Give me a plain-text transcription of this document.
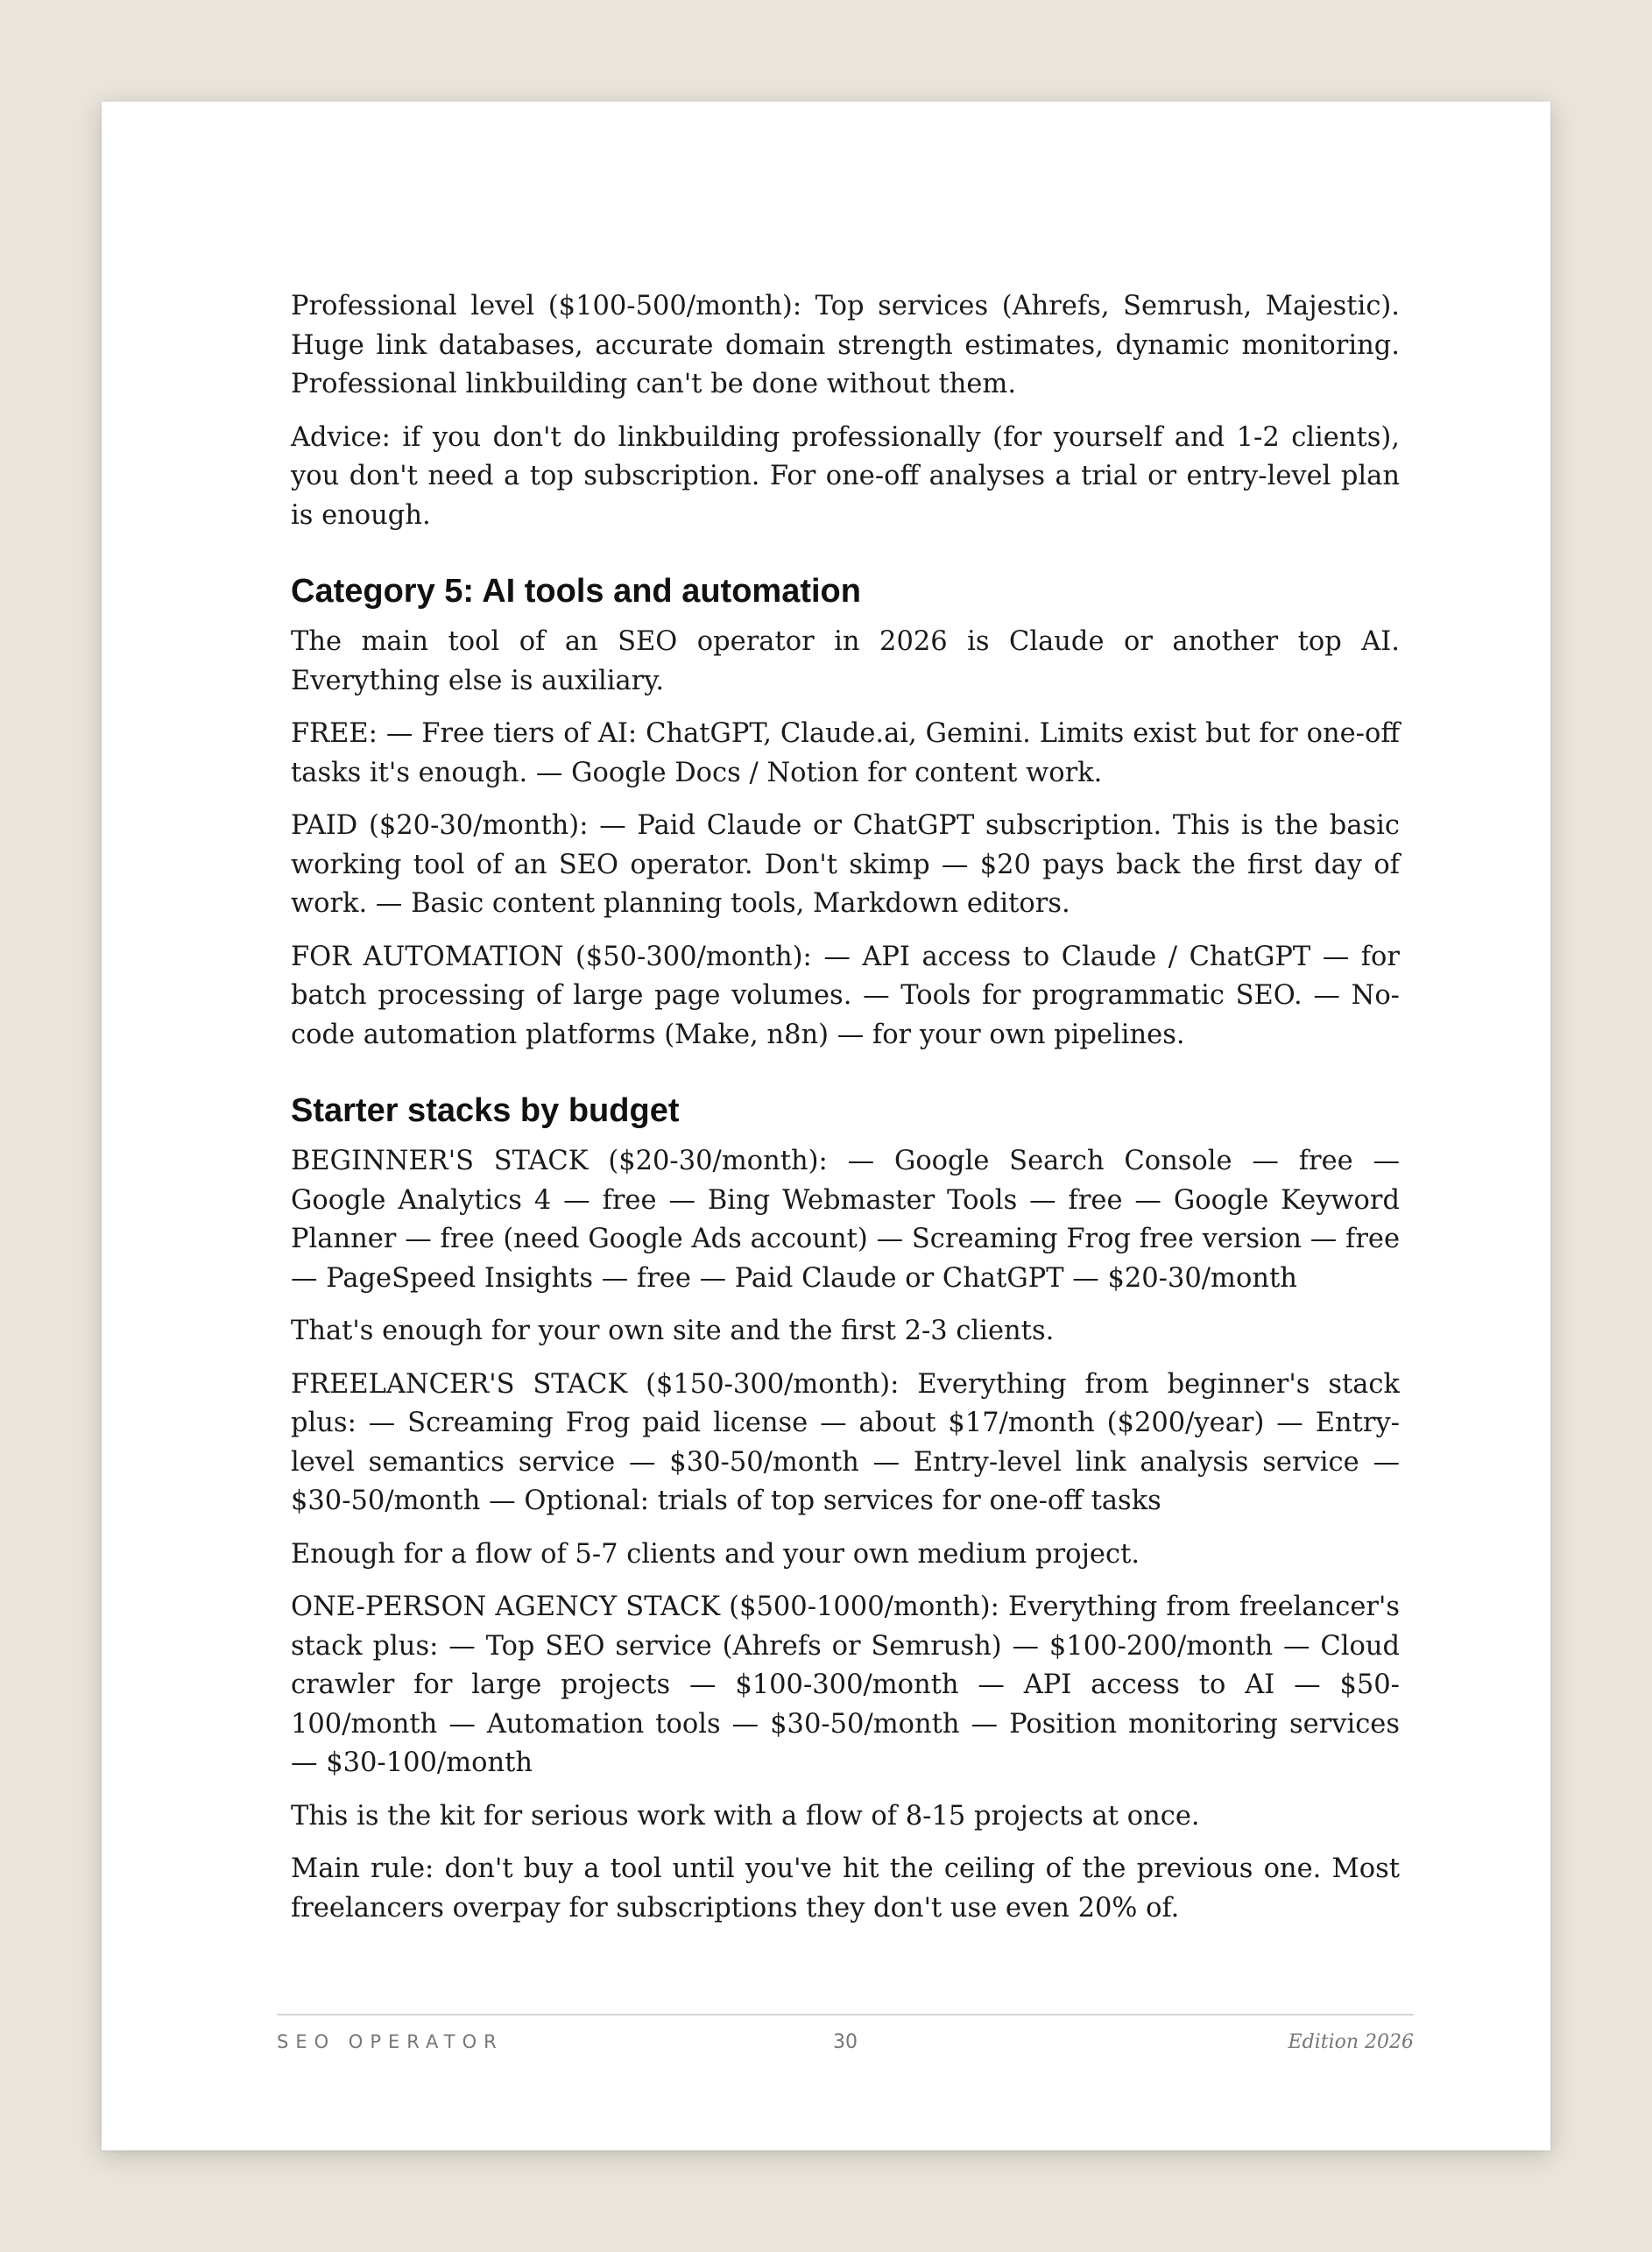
Professional level ($100-500/month): Top services (Ahrefs, Semrush, Majestic). Huge link databases, accurate domain strength estimates, dynamic monitoring. Professional linkbuilding can't be done without them.

Advice: if you don't do linkbuilding professionally (for yourself and 1-2 clients), you don't need a top subscription. For one-off analyses a trial or entry-level plan is enough.

Category 5: AI tools and automation

The main tool of an SEO operator in 2026 is Claude or another top AI. Everything else is auxiliary.

FREE: — Free tiers of AI: ChatGPT, Claude.ai, Gemini. Limits exist but for one-off tasks it's enough. — Google Docs / Notion for content work.

PAID ($20-30/month): — Paid Claude or ChatGPT subscription. This is the basic working tool of an SEO operator. Don't skimp — $20 pays back the first day of work. — Basic content planning tools, Markdown editors.

FOR AUTOMATION ($50-300/month): — API access to Claude / ChatGPT — for batch processing of large page volumes. — Tools for programmatic SEO. — No-code automation platforms (Make, n8n) — for your own pipelines.

Starter stacks by budget

BEGINNER'S STACK ($20-30/month): — Google Search Console — free — Google Analytics 4 — free — Bing Webmaster Tools — free — Google Keyword Planner — free (need Google Ads account) — Screaming Frog free version — free — PageSpeed Insights — free — Paid Claude or ChatGPT — $20-30/month

That's enough for your own site and the first 2-3 clients.

FREELANCER'S STACK ($150-300/month): Everything from beginner's stack plus: — Screaming Frog paid license — about $17/month ($200/year) — Entry-level semantics service — $30-50/month — Entry-level link analysis service — $30-50/month — Optional: trials of top services for one-off tasks

Enough for a flow of 5-7 clients and your own medium project.

ONE-PERSON AGENCY STACK ($500-1000/month): Everything from freelancer's stack plus: — Top SEO service (Ahrefs or Semrush) — $100-200/month — Cloud crawler for large projects — $100-300/month — API access to AI — $50-100/month — Automation tools — $30-50/month — Position monitoring services — $30-100/month

This is the kit for serious work with a flow of 8-15 projects at once.

Main rule: don't buy a tool until you've hit the ceiling of the previous one. Most freelancers overpay for subscriptions they don't use even 20% of.

SEO OPERATOR	30	Edition 2026
